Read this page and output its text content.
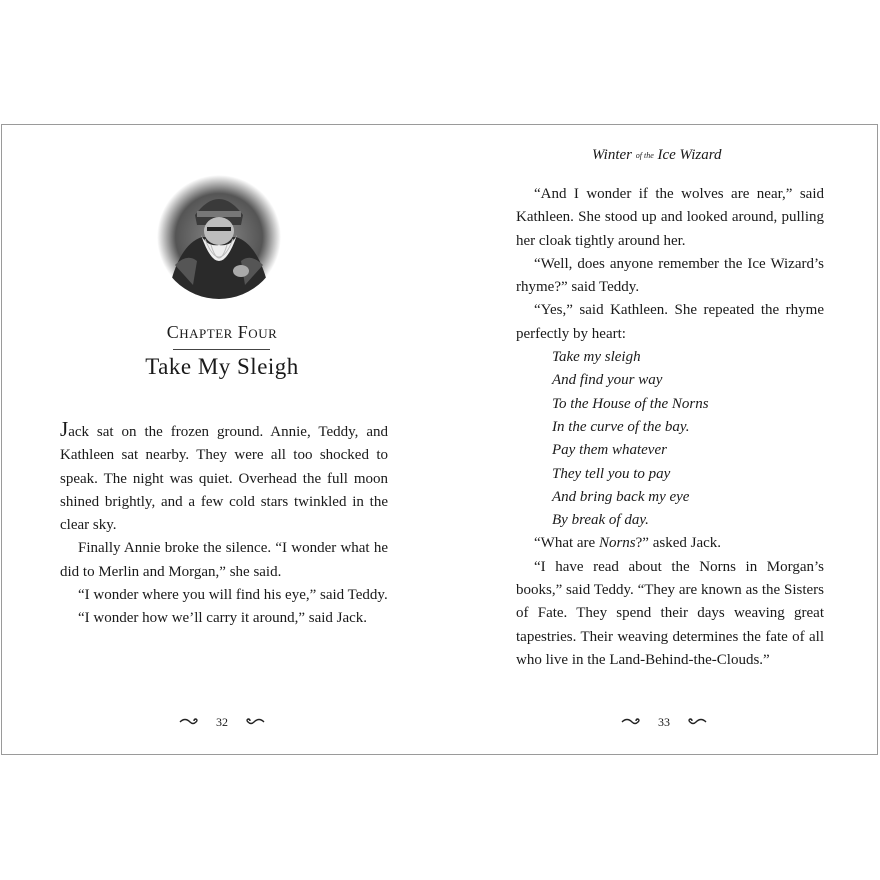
Chapter Four
Take My Sleigh

Jack sat on the frozen ground. Annie, Teddy, and Kathleen sat nearby. They were all too shocked to speak. The night was quiet. Overhead the full moon shined brightly, and a few cold stars twinkled in the clear sky.

Finally Annie broke the silence. “I wonder what he did to Merlin and Morgan,” she said.

“I wonder where you will find his eye,” said Teddy.

“I wonder how we’ll carry it around,” said Jack.

32
Winter of the Ice Wizard

“And I wonder if the wolves are near,” said Kathleen. She stood up and looked around, pulling her cloak tightly around her.

“Well, does anyone remember the Ice Wizard’s rhyme?” said Teddy.

“Yes,” said Kathleen. She repeated the rhyme perfectly by heart:

Take my sleigh

And find your way

To the House of the Norns

In the curve of the bay.

Pay them whatever

They tell you to pay

And bring back my eye

By break of day.

“What are Norns?” asked Jack.

“I have read about the Norns in Morgan’s books,” said Teddy. “They are known as the Sisters of Fate. They spend their days weaving great tapestries. Their weaving determines the fate of all who live in the Land-Behind-the-Clouds.”

33
